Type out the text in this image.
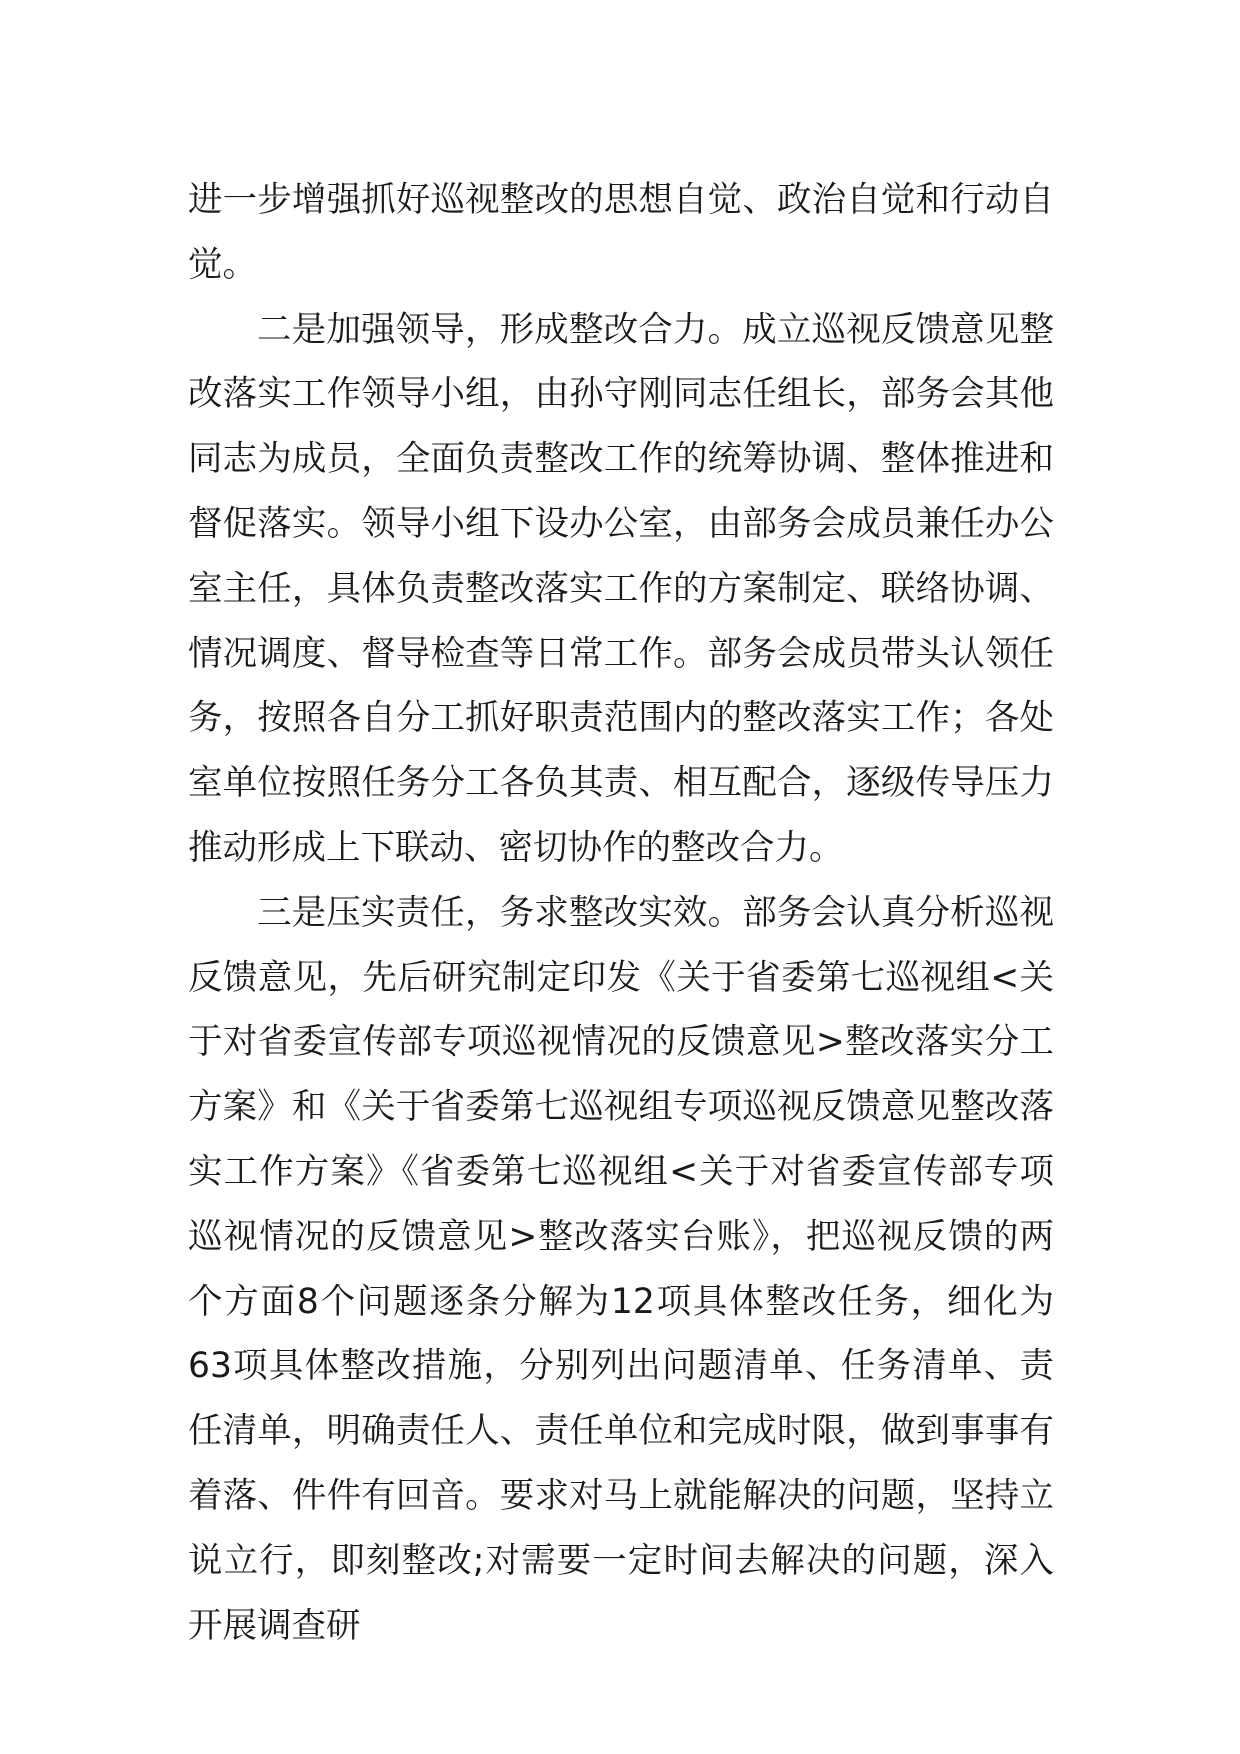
进一步增强抓好巡视整改的思想自觉、政治自觉和行动自觉。

二是加强领导，形成整改合力。成立巡视反馈意见整改落实工作领导小组，由孙守刚同志任组长，部务会其他同志为成员，全面负责整改工作的统筹协调、整体推进和督促落实。领导小组下设办公室，由部务会成员兼任办公室主任，具体负责整改落实工作的方案制定、联络协调、情况调度、督导检查等日常工作。部务会成员带头认领任务，按照各自分工抓好职责范围内的整改落实工作；各处室单位按照任务分工各负其责、相互配合，逐级传导压力推动形成上下联动、密切协作的整改合力。

三是压实责任，务求整改实效。部务会认真分析巡视反馈意见，先后研究制定印发《关于省委第七巡视组<关于对省委宣传部专项巡视情况的反馈意见>整改落实分工方案》和《关于省委第七巡视组专项巡视反馈意见整改落实工作方案》《省委第七巡视组<关于对省委宣传部专项巡视情况的反馈意见>整改落实台账》，把巡视反馈的两个方面8个问题逐条分解为12项具体整改任务，细化为63项具体整改措施，分别列出问题清单、任务清单、责任清单，明确责任人、责任单位和完成时限，做到事事有着落、件件有回音。要求对马上就能解决的问题，坚持立说立行，即刻整改;对需要一定时间去解决的问题，深入开展调查研
